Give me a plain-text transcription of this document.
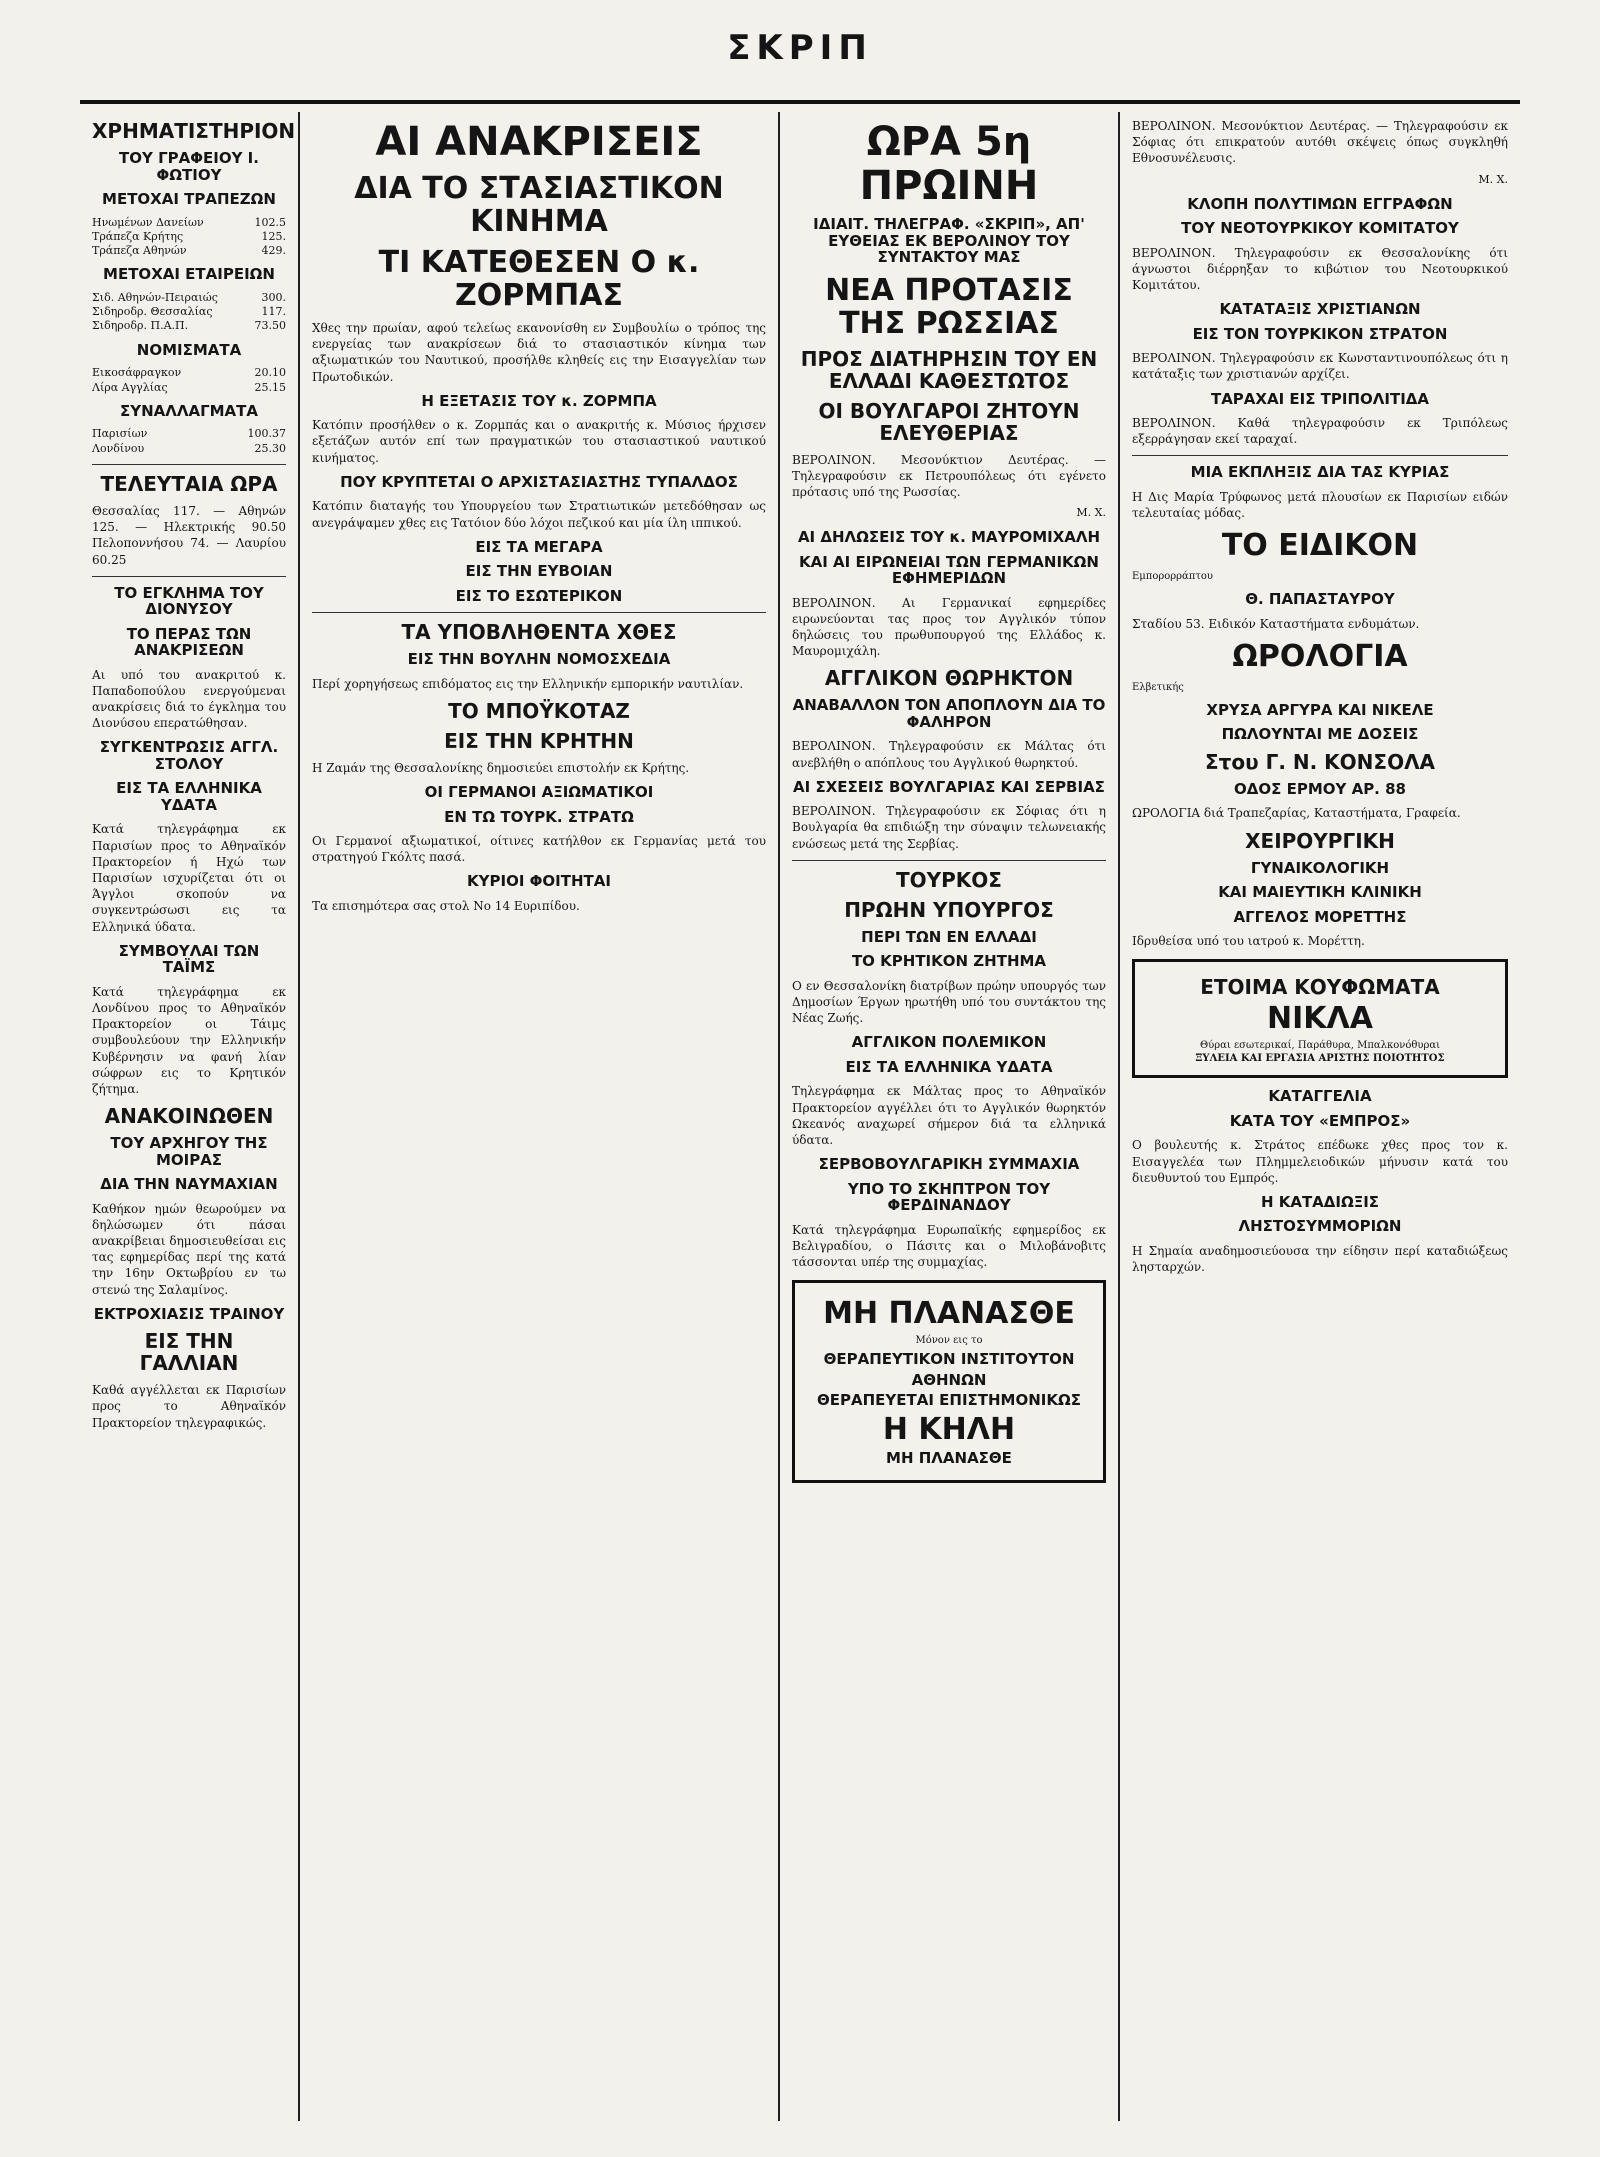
ΣΚΡΙΠ
ΧΡΗΜΑΤΙΣΤΗΡΙΟΝ
ΤΟΥ ΓΡΑΦΕΙΟΥ Ι. ΦΩΤΙΟΥ
ΜΕΤΟΧΑΙ ΤΡΑΠΕΖΩΝ
Ηνωμένων Δανείων	102.5
Τράπεζα Κρήτης	125.
Τράπεζα Αθηνών	429.
ΜΕΤΟΧΑΙ ΕΤΑΙΡΕΙΩΝ
Σιδ. Αθηνών-Πειραιώς	300.
Σιδηροδρ. Θεσσαλίας	117.
Σιδηροδρ. Π.Α.Π.	73.50
ΝΟΜΙΣΜΑΤΑ
Εικοσάφραγκον	20.10
Λίρα Αγγλίας	25.15
ΣΥΝΑΛΛΑΓΜΑΤΑ
Παρισίων	100.37
Λονδίνου	25.30
ΤΕΛΕΥΤΑΙΑ ΩΡΑ
Θεσσαλίας 117. — Αθηνών 125. — Ηλεκτρικής 90.50 Πελοποννήσου 74. — Λαυρίου 60.25
ΤΟ ΕΓΚΛΗΜΑ ΤΟΥ ΔΙΟΝΥΣΟΥ
ΤΟ ΠΕΡΑΣ ΤΩΝ ΑΝΑΚΡΙΣΕΩΝ
Αι υπό του ανακριτού κ. Παπαδοπούλου ενεργούμεναι ανακρίσεις διά το έγκλημα του Διονύσου επερατώθησαν.
ΣΥΓΚΕΝΤΡΩΣΙΣ ΑΓΓΛ. ΣΤΟΛΟΥ
ΕΙΣ ΤΑ ΕΛΛΗΝΙΚΑ ΥΔΑΤΑ
Κατά τηλεγράφημα εκ Παρισίων προς το Αθηναϊκόν Πρακτορείον ή Ηχώ των Παρισίων ισχυρίζεται ότι οι Άγγλοι σκοπούν να συγκεντρώσωσι εις τα Ελληνικά ύδατα.
ΣΥΜΒΟΥΛΑΙ ΤΩΝ ΤΑΪΜΣ
Κατά τηλεγράφημα εκ Λονδίνου προς το Αθηναϊκόν Πρακτορείον οι Τάιμς συμβουλεύουν την Ελληνικήν Κυβέρνησιν να φανή λίαν σώφρων εις το Κρητικόν ζήτημα.
ΑΝΑΚΟΙΝΩΘΕΝ
ΤΟΥ ΑΡΧΗΓΟΥ ΤΗΣ ΜΟΙΡΑΣ
ΔΙΑ ΤΗΝ ΝΑΥΜΑΧΙΑΝ
Καθήκον ημών θεωρούμεν να δηλώσωμεν ότι πάσαι ανακρίβειαι δημοσιευθείσαι εις τας εφημερίδας περί της κατά την 16ην Οκτωβρίου εν τω στενώ της Σαλαμίνος.
ΕΚΤΡΟΧΙΑΣΙΣ ΤΡΑΙΝΟΥ
ΕΙΣ ΤΗΝ ΓΑΛΛΙΑΝ
Καθά αγγέλλεται εκ Παρισίων προς το Αθηναϊκόν Πρακτορείον τηλεγραφικώς.
ΑΙ ΑΝΑΚΡΙΣΕΙΣ
ΔΙΑ ΤΟ ΣΤΑΣΙΑΣΤΙΚΟΝ ΚΙΝΗΜΑ
ΤΙ ΚΑΤΕΘΕΣΕΝ Ο κ. ΖΟΡΜΠΑΣ
Χθες την πρωίαν, αφού τελείως εκανονίσθη εν Συμβουλίω ο τρόπος της ενεργείας των ανακρίσεων διά το στασιαστικόν κίνημα των αξιωματικών του Ναυτικού, προσήλθε κληθείς εις την Εισαγγελίαν των Πρωτοδικών.
Η ΕΞΕΤΑΣΙΣ ΤΟΥ κ. ΖΟΡΜΠΑ
Κατόπιν προσήλθεν ο κ. Ζορμπάς και ο ανακριτής κ. Μύσιος ήρχισεν εξετάζων αυτόν επί των πραγματικών του στασιαστικού ναυτικού κινήματος.
ΠΟΥ ΚΡΥΠΤΕΤΑΙ Ο ΑΡΧΙΣΤΑΣΙΑΣΤΗΣ ΤΥΠΑΛΔΟΣ
Κατόπιν διαταγής του Υπουργείου των Στρατιωτικών μετεδόθησαν ως ανεγράψαμεν χθες εις Τατόιον δύο λόχοι πεζικού και μία ίλη ιππικού.
ΕΙΣ ΤΑ ΜΕΓΑΡΑ
ΕΙΣ ΤΗΝ ΕΥΒΟΙΑΝ
ΕΙΣ ΤΟ ΕΣΩΤΕΡΙΚΟΝ
ΤΑ ΥΠΟΒΛΗΘΕΝΤΑ ΧΘΕΣ
ΕΙΣ ΤΗΝ ΒΟΥΛΗΝ ΝΟΜΟΣΧΕΔΙΑ
Περί χορηγήσεως επιδόματος εις την Ελληνικήν εμπορικήν ναυτιλίαν.
ΤΟ ΜΠΟΫΚΟΤΑΖ
ΕΙΣ ΤΗΝ ΚΡΗΤΗΝ
Η Ζαμάν της Θεσσαλονίκης δημοσιεύει επιστολήν εκ Κρήτης.
ΟΙ ΓΕΡΜΑΝΟΙ ΑΞΙΩΜΑΤΙΚΟΙ
ΕΝ ΤΩ ΤΟΥΡΚ. ΣΤΡΑΤΩ
Οι Γερμανοί αξιωματικοί, οίτινες κατήλθον εκ Γερμανίας μετά του στρατηγού Γκόλτς πασά.
ΚΥΡΙΟΙ ΦΟΙΤΗΤΑΙ
Τα επισημότερα σας στολ Νο 14 Ευριπίδου.
ΩΡΑ 5η ΠΡΩΙΝΗ
ΙΔΙΑΙΤ. ΤΗΛΕΓΡΑΦ. «ΣΚΡΙΠ», ΑΠ' ΕΥΘΕΙΑΣ ΕΚ ΒΕΡΟΛΙΝΟΥ ΤΟΥ ΣΥΝΤΑΚΤΟΥ ΜΑΣ
ΝΕΑ ΠΡΟΤΑΣΙΣ ΤΗΣ ΡΩΣΣΙΑΣ
ΠΡΟΣ ΔΙΑΤΗΡΗΣΙΝ ΤΟΥ ΕΝ ΕΛΛΑΔΙ ΚΑΘΕΣΤΩΤΟΣ
ΟΙ ΒΟΥΛΓΑΡΟΙ ΖΗΤΟΥΝ ΕΛΕΥΘΕΡΙΑΣ
ΒΕΡΟΛΙΝΟΝ. Μεσονύκτιον Δευτέρας. — Τηλεγραφούσιν εκ Πετρουπόλεως ότι εγένετο πρότασις υπό της Ρωσσίας.
Μ. Χ.
ΑΙ ΔΗΛΩΣΕΙΣ ΤΟΥ κ. ΜΑΥΡΟΜΙΧΑΛΗ
ΚΑΙ ΑΙ ΕΙΡΩΝΕΙΑΙ ΤΩΝ ΓΕΡΜΑΝΙΚΩΝ ΕΦΗΜΕΡΙΔΩΝ
ΒΕΡΟΛΙΝΟΝ. Αι Γερμανικαί εφημερίδες ειρωνεύονται τας προς τον Αγγλικόν τύπον δηλώσεις του πρωθυπουργού της Ελλάδος κ. Μαυρομιχάλη.
ΑΓΓΛΙΚΟΝ ΘΩΡΗΚΤΟΝ
ΑΝΑΒΑΛΛΟΝ ΤΟΝ ΑΠΟΠΛΟΥΝ ΔΙΑ ΤΟ ΦΑΛΗΡΟΝ
ΒΕΡΟΛΙΝΟΝ. Τηλεγραφούσιν εκ Μάλτας ότι ανεβλήθη ο απόπλους του Αγγλικού θωρηκτού.
ΑΙ ΣΧΕΣΕΙΣ ΒΟΥΛΓΑΡΙΑΣ ΚΑΙ ΣΕΡΒΙΑΣ
ΒΕΡΟΛΙΝΟΝ. Τηλεγραφούσιν εκ Σόφιας ότι η Βουλγαρία θα επιδιώξη την σύναψιν τελωνειακής ενώσεως μετά της Σερβίας.
ΤΟΥΡΚΟΣ
ΠΡΩΗΝ ΥΠΟΥΡΓΟΣ
ΠΕΡΙ ΤΩΝ ΕΝ ΕΛΛΑΔΙ
ΤΟ ΚΡΗΤΙΚΟΝ ΖΗΤΗΜΑ
Ο εν Θεσσαλονίκη διατρίβων πρώην υπουργός των Δημοσίων Έργων ηρωτήθη υπό του συντάκτου της Νέας Ζωής.
ΑΓΓΛΙΚΟΝ ΠΟΛΕΜΙΚΟΝ
ΕΙΣ ΤΑ ΕΛΛΗΝΙΚΑ ΥΔΑΤΑ
Τηλεγράφημα εκ Μάλτας προς το Αθηναϊκόν Πρακτορείον αγγέλλει ότι το Αγγλικόν θωρηκτόν Ωκεανός αναχωρεί σήμερον διά τα ελληνικά ύδατα.
ΣΕΡΒΟΒΟΥΛΓΑΡΙΚΗ ΣΥΜΜΑΧΙΑ
ΥΠΟ ΤΟ ΣΚΗΠΤΡΟΝ ΤΟΥ ΦΕΡΔΙΝΑΝΔΟΥ
Κατά τηλεγράφημα Ευρωπαϊκής εφημερίδος εκ Βελιγραδίου, ο Πάσιτς και ο Μιλοβάνοβιτς τάσσονται υπέρ της συμμαχίας.
ΜΗ ΠΛΑΝΑΣΘΕ
Μόνον εις το
ΘΕΡΑΠΕΥΤΙΚΟΝ ΙΝΣΤΙΤΟΥΤΟΝ
ΑΘΗΝΩΝ
ΘΕΡΑΠΕΥΕΤΑΙ ΕΠΙΣΤΗΜΟΝΙΚΩΣ
Η ΚΗΛΗ
ΜΗ ΠΛΑΝΑΣΘΕ
ΒΕΡΟΛΙΝΟΝ. Μεσονύκτιον Δευτέρας. — Τηλεγραφούσιν εκ Σόφιας ότι επικρατούν αυτόθι σκέψεις όπως συγκληθή Εθνοσυνέλευσις.
Μ. Χ.
ΚΛΟΠΗ ΠΟΛΥΤΙΜΩΝ ΕΓΓΡΑΦΩΝ
ΤΟΥ ΝΕΟΤΟΥΡΚΙΚΟΥ ΚΟΜΙΤΑΤΟΥ
ΒΕΡΟΛΙΝΟΝ. Τηλεγραφούσιν εκ Θεσσαλονίκης ότι άγνωστοι διέρρηξαν το κιβώτιον του Νεοτουρκικού Κομιτάτου.
ΚΑΤΑΤΑΞΙΣ ΧΡΙΣΤΙΑΝΩΝ
ΕΙΣ ΤΟΝ ΤΟΥΡΚΙΚΟΝ ΣΤΡΑΤΟΝ
ΒΕΡΟΛΙΝΟΝ. Τηλεγραφούσιν εκ Κωνσταντινουπόλεως ότι η κατάταξις των χριστιανών αρχίζει.
ΤΑΡΑΧΑΙ ΕΙΣ ΤΡΙΠΟΛΙΤΙΔΑ
ΒΕΡΟΛΙΝΟΝ. Καθά τηλεγραφούσιν εκ Τριπόλεως εξερράγησαν εκεί ταραχαί.
ΜΙΑ ΕΚΠΛΗΞΙΣ ΔΙΑ ΤΑΣ ΚΥΡΙΑΣ
Η Δις Μαρία Τρύφωνος μετά πλουσίων εκ Παρισίων ειδών τελευταίας μόδας.
ΤΟ ΕΙΔΙΚΟΝ
Εμπορορράπτου
Θ. ΠΑΠΑΣΤΑΥΡΟΥ
Σταδίου 53. Ειδικόν Καταστήματα ενδυμάτων.
ΩΡΟΛΟΓΙΑ
Ελβετικής
ΧΡΥΣΑ ΑΡΓΥΡΑ ΚΑΙ ΝΙΚΕΛΕ
ΠΩΛΟΥΝΤΑΙ ΜΕ ΔΟΣΕΙΣ
Στου Γ. Ν. ΚΟΝΣΟΛΑ
ΟΔΟΣ ΕΡΜΟΥ ΑΡ. 88
ΩΡΟΛΟΓΙΑ διά Τραπεζαρίας, Καταστήματα, Γραφεία.
ΧΕΙΡΟΥΡΓΙΚΗ
ΓΥΝΑΙΚΟΛΟΓΙΚΗ
ΚΑΙ ΜΑΙΕΥΤΙΚΗ ΚΛΙΝΙΚΗ
ΑΓΓΕΛΟΣ ΜΟΡΕΤΤΗΣ
Ιδρυθείσα υπό του ιατρού κ. Μορέττη.
ΕΤΟΙΜΑ ΚΟΥΦΩΜΑΤΑ
ΝΙΚΛΑ
Θύραι εσωτερικαί, Παράθυρα, Μπαλκονόθυραι
ΞΥΛΕΙΑ ΚΑΙ ΕΡΓΑΣΙΑ ΑΡΙΣΤΗΣ ΠΟΙΟΤΗΤΟΣ
ΚΑΤΑΓΓΕΛΙΑ
ΚΑΤΑ ΤΟΥ «ΕΜΠΡΟΣ»
Ο βουλευτής κ. Στράτος επέδωκε χθες προς τον κ. Εισαγγελέα των Πλημμελειοδικών μήνυσιν κατά του διευθυντού του Εμπρός.
Η ΚΑΤΑΔΙΩΞΙΣ
ΛΗΣΤΟΣΥΜΜΟΡΙΩΝ
Η Σημαία αναδημοσιεύουσα την είδησιν περί καταδιώξεως λησταρχών.
